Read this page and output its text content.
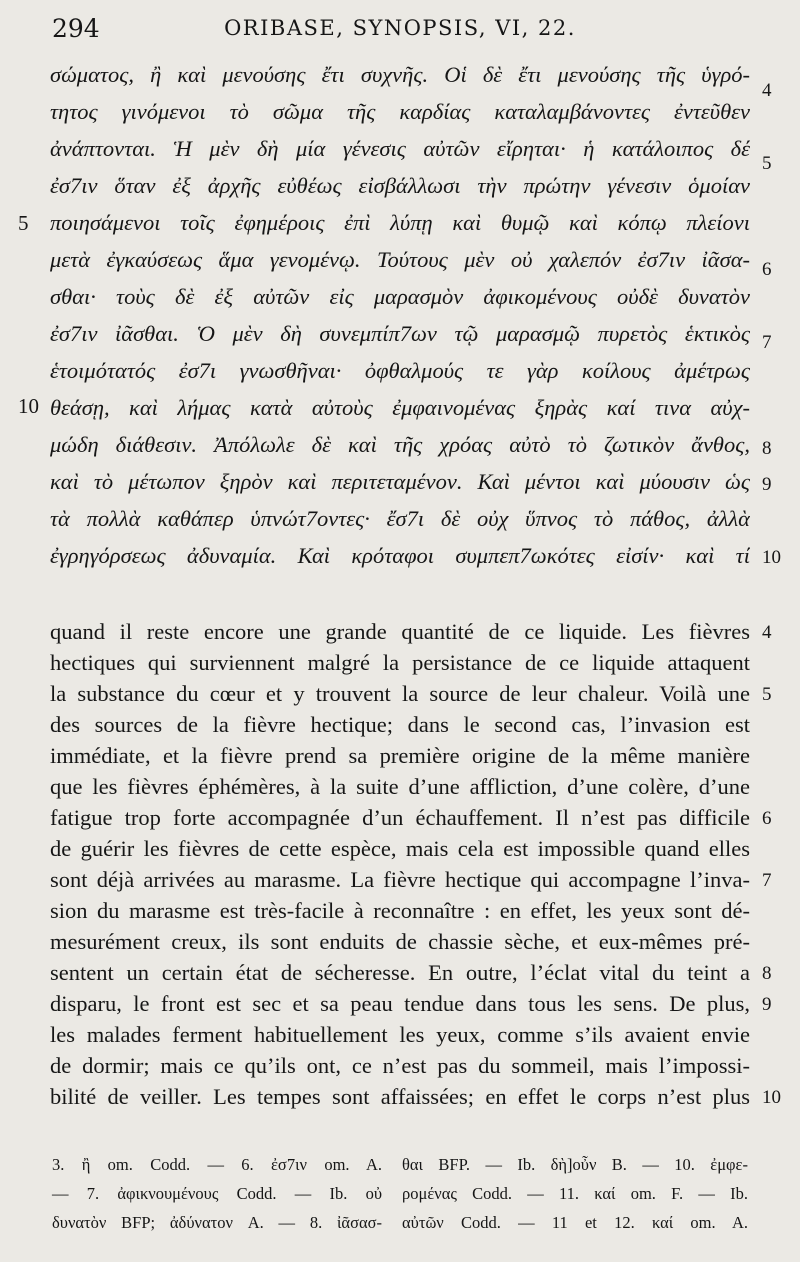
294	ORIBASE, SYNOPSIS, VI, 22.
σώματος, ἢ καὶ μενούσης ἔτι συχνῆς. Οἱ δὲ ἔτι μενούσης τῆς ὑγρό-
τητος γινόμενοι τὸ σῶμα τῆς καρδίας καταλαμβάνοντες ἐντεῦθεν
ἀνάπτονται. Ἡ μὲν δὴ μία γένεσις αὐτῶν εἴρηται· ἡ κατάλοιπος δέ
ἐσ7ιν ὅταν ἐξ ἀρχῆς εὐθέως εἰσβάλλωσι τὴν πρώτην γένεσιν ὁμοίαν
ποιησάμενοι τοῖς ἐφημέροις ἐπὶ λύπῃ καὶ θυμῷ καὶ κόπῳ πλείονι
μετὰ ἐγκαύσεως ἅμα γενομένῳ. Τούτους μὲν οὐ χαλεπόν ἐσ7ιν ἰᾶσα-
σθαι· τοὺς δὲ ἐξ αὐτῶν εἰς μαρασμὸν ἀφικομένους οὐδὲ δυνατὸν
ἐσ7ιν ἰᾶσθαι. Ὁ μὲν δὴ συνεμπίπ7ων τῷ μαρασμῷ πυρετὸς ἑκτικὸς
ἑτοιμότατός ἐσ7ι γνωσθῆναι· ὀφθαλμούς τε γὰρ κοίλους ἀμέτρως
θεάσῃ, καὶ λήμας κατὰ αὐτοὺς ἐμφαινομένας ξηρὰς καί τινα αὐχ-
μώδη διάθεσιν. Ἀπόλωλε δὲ καὶ τῆς χρόας αὐτὸ τὸ ζωτικὸν ἄνθος,
καὶ τὸ μέτωπον ξηρὸν καὶ περιτεταμένον. Καὶ μέντοι καὶ μύουσιν ὡς
τὰ πολλὰ καθάπερ ὑπνώτ7οντες· ἔσ7ι δὲ οὐχ ὕπνος τὸ πάθος, ἀλλὰ
ἐγρηγόρσεως ἀδυναμία. Καὶ κρόταφοι συμπεπ7ωκότες εἰσίν· καὶ τί
4
5
6
7
8
9
10
5
10
quand il reste encore une grande quantité de ce liquide. Les fièvres
hectiques qui surviennent malgré la persistance de ce liquide attaquent
la substance du cœur et y trouvent la source de leur chaleur. Voilà une
des sources de la fièvre hectique; dans le second cas, l’invasion est
immédiate, et la fièvre prend sa première origine de la même manière
que les fièvres éphémères, à la suite d’une affliction, d’une colère, d’une
fatigue trop forte accompagnée d’un échauffement. Il n’est pas difficile
de guérir les fièvres de cette espèce, mais cela est impossible quand elles
sont déjà arrivées au marasme. La fièvre hectique qui accompagne l’inva-
sion du marasme est très-facile à reconnaître : en effet, les yeux sont dé-
mesurément creux, ils sont enduits de chassie sèche, et eux-mêmes pré-
sentent un certain état de sécheresse. En outre, l’éclat vital du teint a
disparu, le front est sec et sa peau tendue dans tous les sens. De plus,
les malades ferment habituellement les yeux, comme s’ils avaient envie
de dormir; mais ce qu’ils ont, ce n’est pas du sommeil, mais l’impossi-
bilité de veiller. Les tempes sont affaissées; en effet le corps n’est plus
4
5
6
7
8
9
10
3. ἢ om. Codd. — 6. ἐσ7ιν om. A.
— 7. ἀφικνουμένους Codd. — Ib. οὐ
δυνατὸν BFP; ἀδύνατον A. — 8. ἰᾶσασ-
θαι BFP. — Ib. δὴ]οὖν B. — 10. ἐμφε-
ρομένας Codd. — 11. καί om. F. — Ib.
αὐτῶν Codd. — 11 et 12. καί om. A.
